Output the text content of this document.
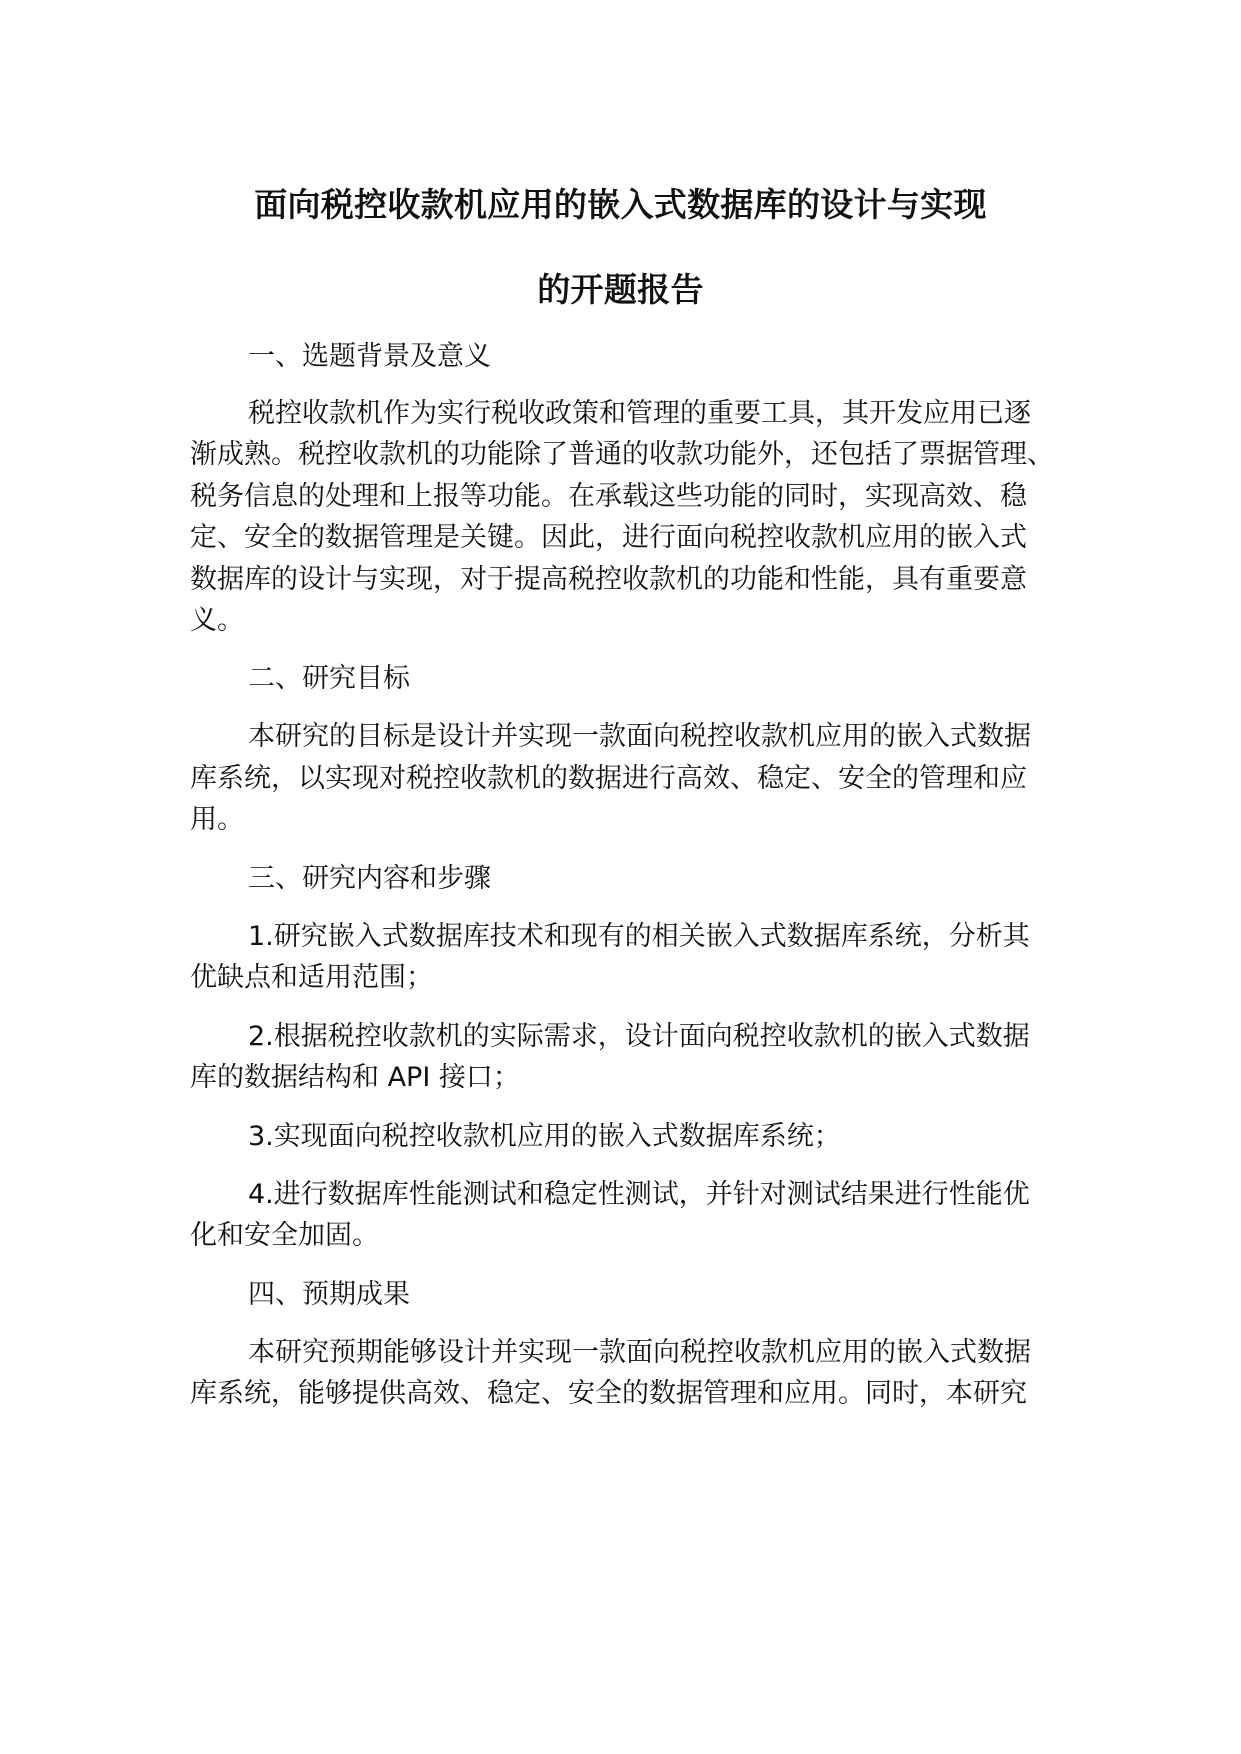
面向税控收款机应用的嵌入式数据库的设计与实现
的开题报告
一、选题背景及意义
税控收款机作为实行税收政策和管理的重要工具，其开发应用已逐
渐成熟。税控收款机的功能除了普通的收款功能外，还包括了票据管理、
税务信息的处理和上报等功能。在承载这些功能的同时，实现高效、稳
定、安全的数据管理是关键。因此，进行面向税控收款机应用的嵌入式
数据库的设计与实现，对于提高税控收款机的功能和性能，具有重要意
义。
二、研究目标
本研究的目标是设计并实现一款面向税控收款机应用的嵌入式数据
库系统，以实现对税控收款机的数据进行高效、稳定、安全的管理和应
用。
三、研究内容和步骤
1.研究嵌入式数据库技术和现有的相关嵌入式数据库系统，分析其
优缺点和适用范围；
2.根据税控收款机的实际需求，设计面向税控收款机的嵌入式数据
库的数据结构和 API 接口；
3.实现面向税控收款机应用的嵌入式数据库系统；
4.进行数据库性能测试和稳定性测试，并针对测试结果进行性能优
化和安全加固。
四、预期成果
本研究预期能够设计并实现一款面向税控收款机应用的嵌入式数据
库系统，能够提供高效、稳定、安全的数据管理和应用。同时，本研究
